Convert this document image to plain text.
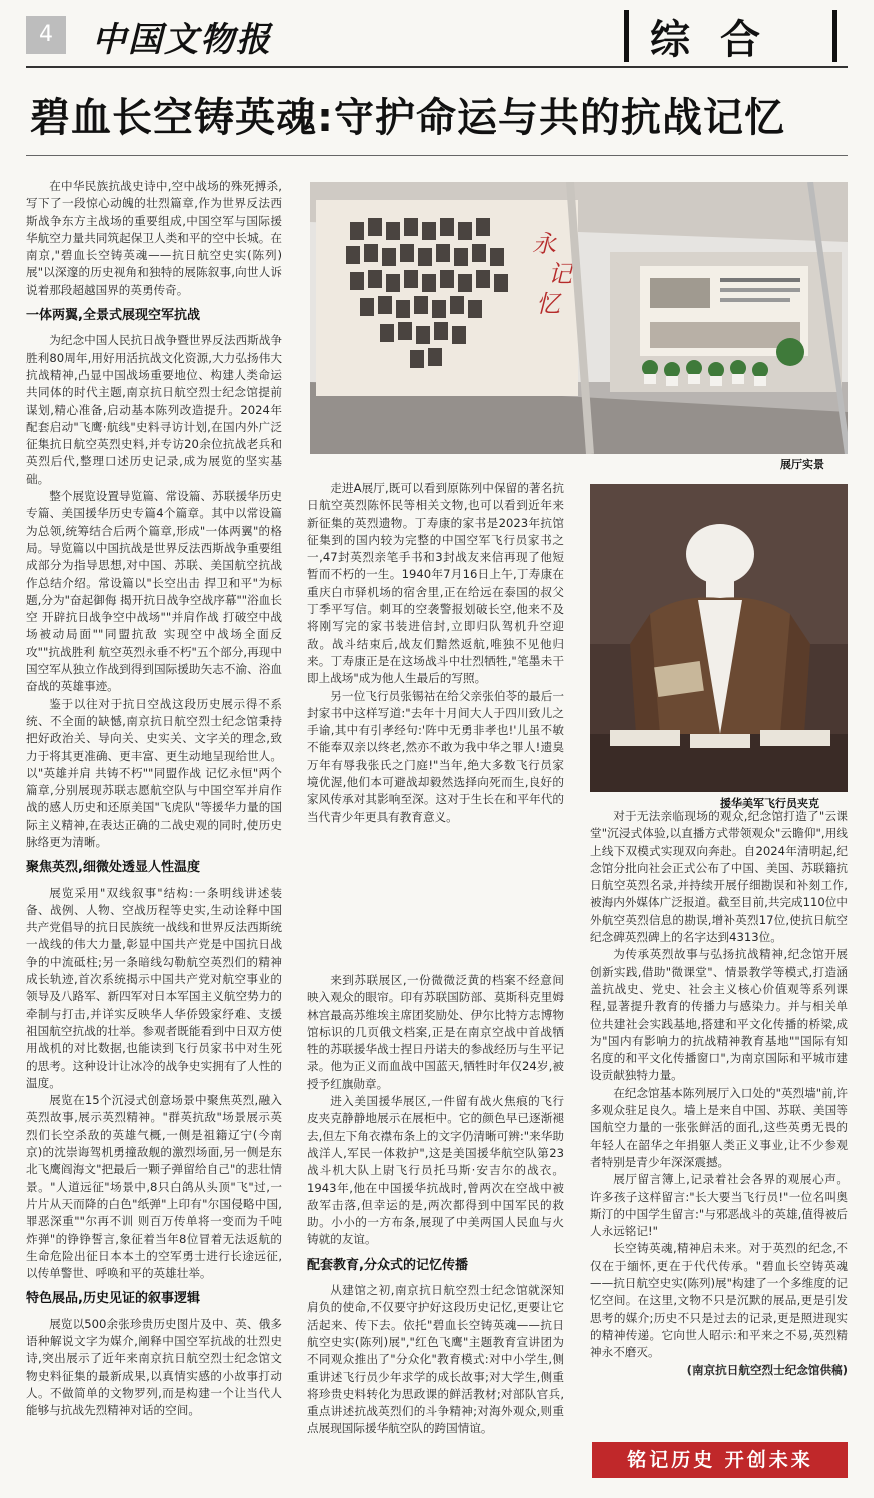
4	中国文物报	综合
碧血长空铸英魂:守护命运与共的抗战记忆
永
记
忆
展厅实景
援华美军飞行员夹克

在中华民族抗战史诗中,空中战场的殊死搏杀,写下了一段惊心动魄的壮烈篇章,作为世界反法西斯战争东方主战场的重要组成,中国空军与国际援华航空力量共同筑起保卫人类和平的空中长城。在南京,"碧血长空铸英魂——抗日航空史实(陈列)展"以深邃的历史视角和独特的展陈叙事,向世人诉说着那段超越国界的英勇传奇。

一体两翼,全景式展现空军抗战

为纪念中国人民抗日战争暨世界反法西斯战争胜利80周年,用好用活抗战文化资源,大力弘扬伟大抗战精神,凸显中国战场重要地位、构建人类命运共同体的时代主题,南京抗日航空烈士纪念馆提前谋划,精心准备,启动基本陈列改造提升。2024年配套启动"飞鹰·航线"史料寻访计划,在国内外广泛征集抗日航空英烈史料,并专访20余位抗战老兵和英烈后代,整理口述历史记录,成为展览的坚实基础。

整个展览设置导览篇、常设篇、苏联援华历史专篇、美国援华历史专篇4个篇章。其中以常设篇为总领,统筹结合后两个篇章,形成"一体两翼"的格局。导览篇以中国抗战是世界反法西斯战争重要组成部分为指导思想,对中国、苏联、美国航空抗战作总结介绍。常设篇以"长空出击 捍卫和平"为标题,分为"奋起御侮 揭开抗日战争空战序幕""浴血长空 开辟抗日战争空中战场""并肩作战 打破空中战场被动局面""同盟抗敌 实现空中战场全面反攻""抗战胜利 航空英烈永垂不朽"五个部分,再现中国空军从独立作战到得到国际援助矢志不渝、浴血奋战的英雄事迹。

鉴于以往对于抗日空战这段历史展示得不系统、不全面的缺憾,南京抗日航空烈士纪念馆秉持把好政治关、导向关、史实关、文字关的理念,致力于将其更准确、更丰富、更生动地呈现给世人。以"英雄并肩 共铸不朽""同盟作战 记忆永恒"两个篇章,分别展现苏联志愿航空队与中国空军并肩作战的感人历史和还原美国"飞虎队"等援华力量的国际主义精神,在表达正确的二战史观的同时,使历史脉络更为清晰。

聚焦英烈,细微处透显人性温度

展览采用"双线叙事"结构:一条明线讲述装备、战例、人物、空战历程等史实,生动诠释中国共产党倡导的抗日民族统一战线和世界反法西斯统一战线的伟大力量,彰显中国共产党是中国抗日战争的中流砥柱;另一条暗线勾勒航空英烈们的精神成长轨迹,首次系统揭示中国共产党对航空事业的领导及八路军、新四军对日本军国主义航空势力的牵制与打击,并详实反映华人华侨毁家纾难、支援祖国航空抗战的壮举。参观者既能看到中日双方使用战机的对比数据,也能读到飞行员家书中对生死的思考。这种设计让冰冷的战争史实拥有了人性的温度。

展览在15个沉浸式创意场景中聚焦英烈,融入英烈故事,展示英烈精神。"群英抗敌"场景展示英烈们长空杀敌的英雄气概,一侧是祖籍辽宁(今南京)的沈崇诲驾机勇撞敌舰的激烈场面,另一侧是东北飞鹰阎海文"把最后一颗子弹留给自己"的悲壮情景。"人道远征"场景中,8只白鸽从头顶"飞"过,一片片从天而降的白色"纸弹"上印有"尔国侵略中国,罪恶深重""尔再不训 则百万传单将一变而为千吨炸弹"的铮铮誓言,象征着当年8位冒着无法返航的生命危险出征日本本土的空军勇士进行长途远征,以传单警世、呼唤和平的英雄壮举。

特色展品,历史见证的叙事逻辑

展览以500余张珍贵历史图片及中、英、俄多语种解说文字为媒介,阐释中国空军抗战的壮烈史诗,突出展示了近年来南京抗日航空烈士纪念馆文物史料征集的最新成果,以真情实感的小故事打动人。不做简单的文物罗列,而是构建一个让当代人能够与抗战先烈精神对话的空间。

走进A展厅,既可以看到原陈列中保留的著名抗日航空英烈陈怀民等相关文物,也可以看到近年来新征集的英烈遗物。丁寿康的家书是2023年抗馆征集到的国内较为完整的中国空军飞行员家书之一,47封英烈亲笔手书和3封战友来信再现了他短暂而不朽的一生。1940年7月16日上午,丁寿康在重庆白市驿机场的宿舍里,正在给远在泰国的叔父丁季平写信。刺耳的空袭警报划破长空,他来不及将刚写完的家书装进信封,立即归队驾机升空迎敌。战斗结束后,战友们黯然返航,唯独不见他归来。丁寿康正是在这场战斗中壮烈牺牲,"笔墨未干即上战场"成为他人生最后的写照。

另一位飞行员张锡祜在给父亲张伯苓的最后一封家书中这样写道:"去年十月间大人于四川致儿之手谕,其中有引孝经句:'阵中无勇非孝也!'儿虽不敏不能奉双亲以终老,然亦不敢为我中华之罪人!遗臭万年有辱我张氏之门庭!"当年,绝大多数飞行员家境优渥,他们本可避战却毅然选择向死而生,良好的家风传承对其影响至深。这对于生长在和平年代的当代青少年更具有教育意义。

来到苏联展区,一份微微泛黄的档案不经意间映入观众的眼帘。印有苏联国防部、莫斯科克里姆林宫最高苏维埃主席团奖励处、伊尔比特方志博物馆标识的几页俄文档案,正是在南京空战中首战牺牲的苏联援华战士捏日丹诺夫的参战经历与生平记录。他为正义而血战中国蓝天,牺牲时年仅24岁,被授予红旗勋章。

进入美国援华展区,一件留有战火焦痕的飞行皮夹克静静地展示在展柜中。它的颜色早已逐渐褪去,但左下角衣襟布条上的文字仍清晰可辨:"来华助战洋人,军民一体救护",这是美国援华航空队第23战斗机大队上尉飞行员托马斯·安吉尔的战衣。1943年,他在中国援华抗战时,曾两次在空战中被敌军击落,但幸运的是,两次都得到中国军民的救助。小小的一方布条,展现了中美两国人民血与火铸就的友谊。

配套教育,分众式的记忆传播

从建馆之初,南京抗日航空烈士纪念馆就深知肩负的使命,不仅要守护好这段历史记忆,更要让它活起来、传下去。依托"碧血长空铸英魂——抗日航空史实(陈列)展","红色飞鹰"主题教育宣讲团为不同观众推出了"分众化"教育模式:对中小学生,侧重讲述飞行员少年求学的成长故事;对大学生,侧重将珍贵史料转化为思政课的鲜活教材;对部队官兵,重点讲述抗战英烈们的斗争精神;对海外观众,则重点展现国际援华航空队的跨国情谊。

对于无法亲临现场的观众,纪念馆打造了"云课堂"沉浸式体验,以直播方式带领观众"云瞻仰",用线上线下双模式实现双向奔赴。自2024年清明起,纪念馆分批向社会正式公布了中国、美国、苏联籍抗日航空英烈名录,并持续开展仔细勘误和补刻工作,被海内外媒体广泛报道。截至目前,共完成110位中外航空英烈信息的勘误,增补英烈17位,使抗日航空纪念碑英烈碑上的名字达到4313位。

为传承英烈故事与弘扬抗战精神,纪念馆开展创新实践,借助"微课堂"、情景教学等模式,打造涵盖抗战史、党史、社会主义核心价值观等系列课程,显著提升教育的传播力与感染力。并与相关单位共建社会实践基地,搭建和平文化传播的桥梁,成为"国内有影响力的抗战精神教育基地""国际有知名度的和平文化传播窗口",为南京国际和平城市建设贡献独特力量。

在纪念馆基本陈列展厅入口处的"英烈墙"前,许多观众驻足良久。墙上是来自中国、苏联、美国等国航空力量的一张张鲜活的面孔,这些英勇无畏的年轻人在韶华之年捐躯人类正义事业,让不少参观者特别是青少年深深震撼。

展厅留言簿上,记录着社会各界的观展心声。许多孩子这样留言:"长大要当飞行员!"一位名叫奥斯汀的中国学生留言:"与邪恶战斗的英雄,值得被后人永远铭记!"

长空铸英魂,精神启未来。对于英烈的纪念,不仅在于缅怀,更在于代代传承。"碧血长空铸英魂——抗日航空史实(陈列)展"构建了一个多维度的记忆空间。在这里,文物不只是沉默的展品,更是引发思考的媒介;历史不只是过去的记录,更是照进现实的精神传递。它向世人昭示:和平来之不易,英烈精神永不磨灭。

(南京抗日航空烈士纪念馆供稿)

铭记历史 开创未来
